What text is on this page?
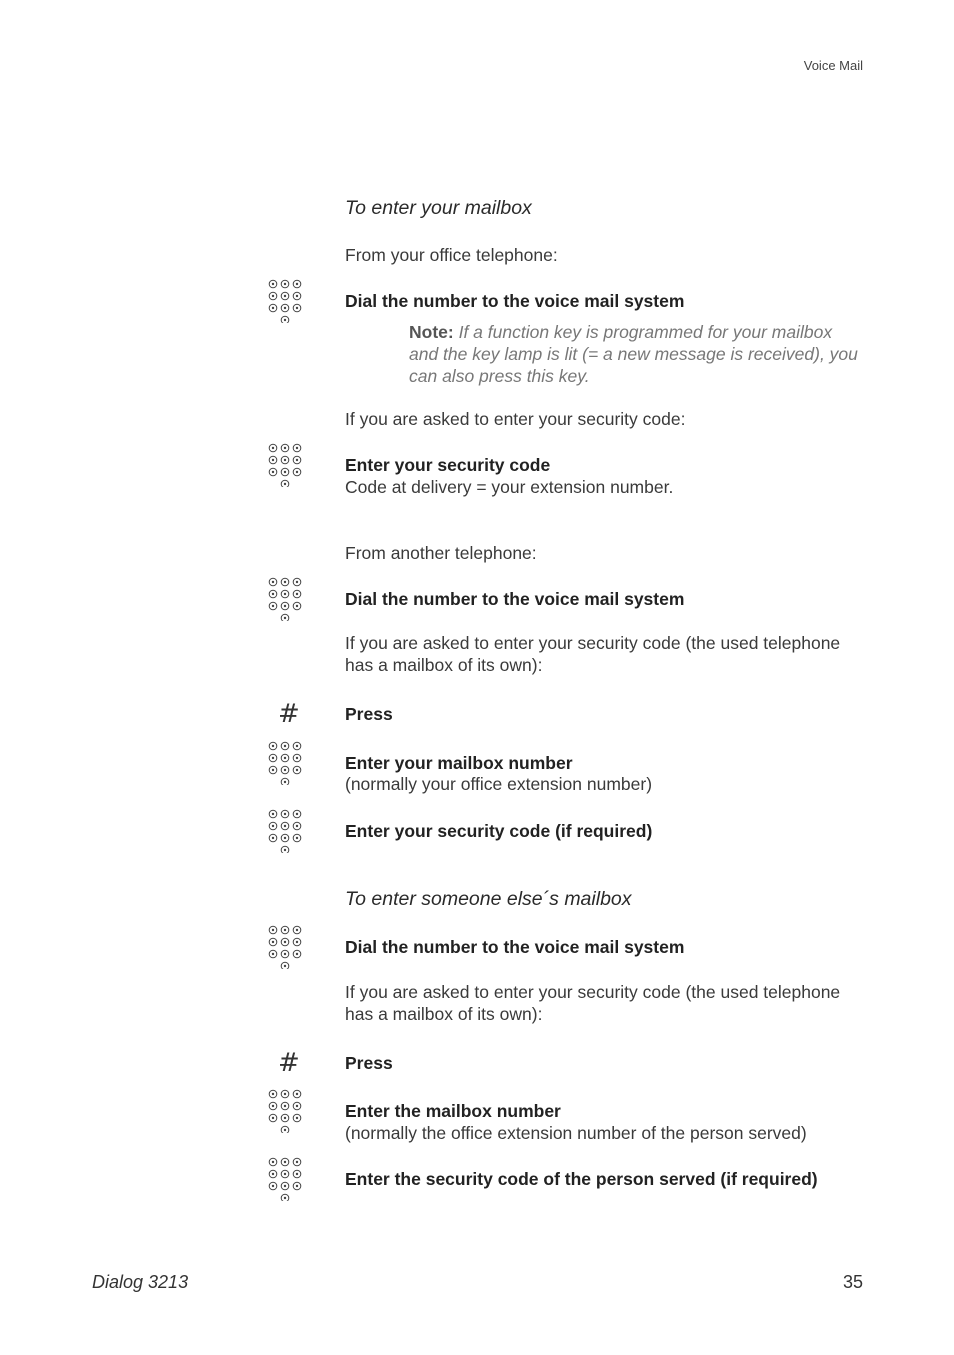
Voice Mail
To enter your mailbox
From your office telephone:
Dial the number to the voice mail system
Note: If a function key is programmed for your mailbox and the key lamp is lit (= a new message is received), you can also press this key.
If you are asked to enter your security code:
Enter your security code
Code at delivery = your extension number.
From another telephone:
Dial the number to the voice mail system
If you are asked to enter your security code (the used telephone has a mailbox of its own):
#	Press
Enter your mailbox number
(normally your office extension number)
Enter your security code (if required)
To enter someone else´s mailbox
Dial the number to the voice mail system
If you are asked to enter your security code (the used telephone has a mailbox of its own):
#	Press
Enter the mailbox number
(normally the office extension number of the person served)
Enter the security code of the person served (if required)
Dialog 3213	35
